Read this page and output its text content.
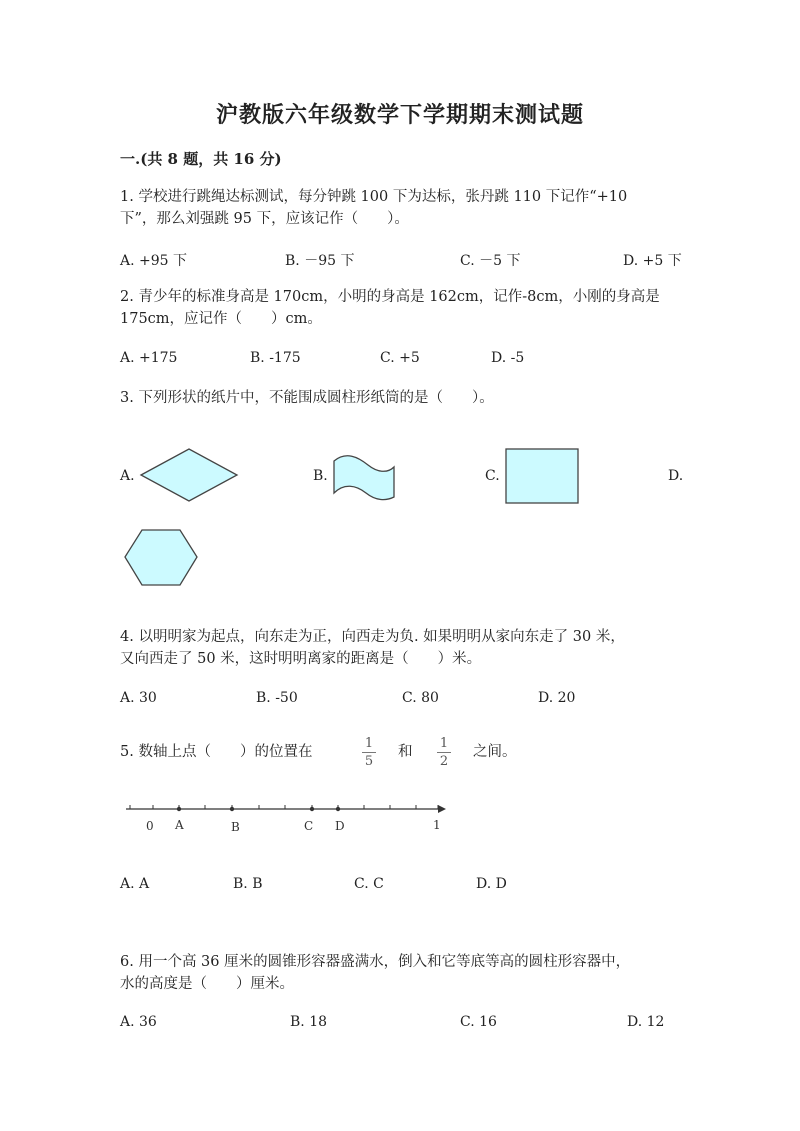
沪教版六年级数学下学期期末测试题
一.(共 8 题，共 16 分)
1. 学校进行跳绳达标测试，每分钟跳 100 下为达标，张丹跳 110 下记作“+10
下”，那么刘强跳 95 下，应该记作（　　）。
A. +95 下	B. －95 下	C. －5 下	D. +5 下
2. 青少年的标准身高是 170cm，小明的身高是 162cm，记作-8cm，小刚的身高是
175cm，应记作（　　）cm。
A. +175	B. -175	C. +5	D. -5
3. 下列形状的纸片中，不能围成圆柱形纸筒的是（　　）。
A.	B.	C.	D.
4. 以明明家为起点，向东走为正，向西走为负. 如果明明从家向东走了 30 米，
又向西走了 50 米，这时明明离家的距离是（　　）米。
A. 30	B. -50	C. 80	D. 20
5. 数轴上点（　　）的位置在
1
5
和
1
2
之间。
0 A	B	C D	1
A. A	B. B	C. C	D. D
6. 用一个高 36 厘米的圆锥形容器盛满水，倒入和它等底等高的圆柱形容器中，
水的高度是（　　）厘米。
A. 36	B. 18	C. 16	D. 12
